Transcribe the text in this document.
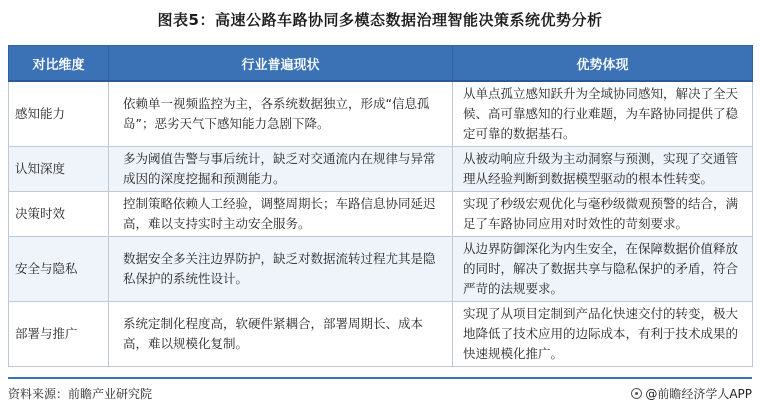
图表5：高速公路车路协同多模态数据治理智能决策系统优势分析
对比维度	行业普遍现状	优势体现
感知能力	依赖单一视频监控为主，各系统数据独立，形成“信息孤岛”；恶劣天气下感知能力急剧下降。	从单点孤立感知跃升为全域协同感知，解决了全天候、高可靠感知的行业难题，为车路协同提供了稳定可靠的数据基石。
认知深度	多为阈值告警与事后统计，缺乏对交通流内在规律与异常成因的深度挖掘和预测能力。	从被动响应升级为主动洞察与预测，实现了交通管理从经验判断到数据模型驱动的根本性转变。
决策时效	控制策略依赖人工经验，调整周期长；车路信息协同延迟高，难以支持实时主动安全服务。	实现了秒级宏观优化与毫秒级微观预警的结合，满足了车路协同应用对时效性的苛刻要求。
安全与隐私	数据安全多关注边界防护，缺乏对数据流转过程尤其是隐私保护的系统性设计。	从边界防御深化为内生安全，在保障数据价值释放的同时，解决了数据共享与隐私保护的矛盾，符合严苛的法规要求。
部署与推广	系统定制化程度高，软硬件紧耦合，部署周期长、成本高，难以规模化复制。	实现了从项目定制到产品化快速交付的转变，极大地降低了技术应用的边际成本，有利于技术成果的快速规模化推广。
资料来源：前瞻产业研究院	@前瞻经济学人APP
